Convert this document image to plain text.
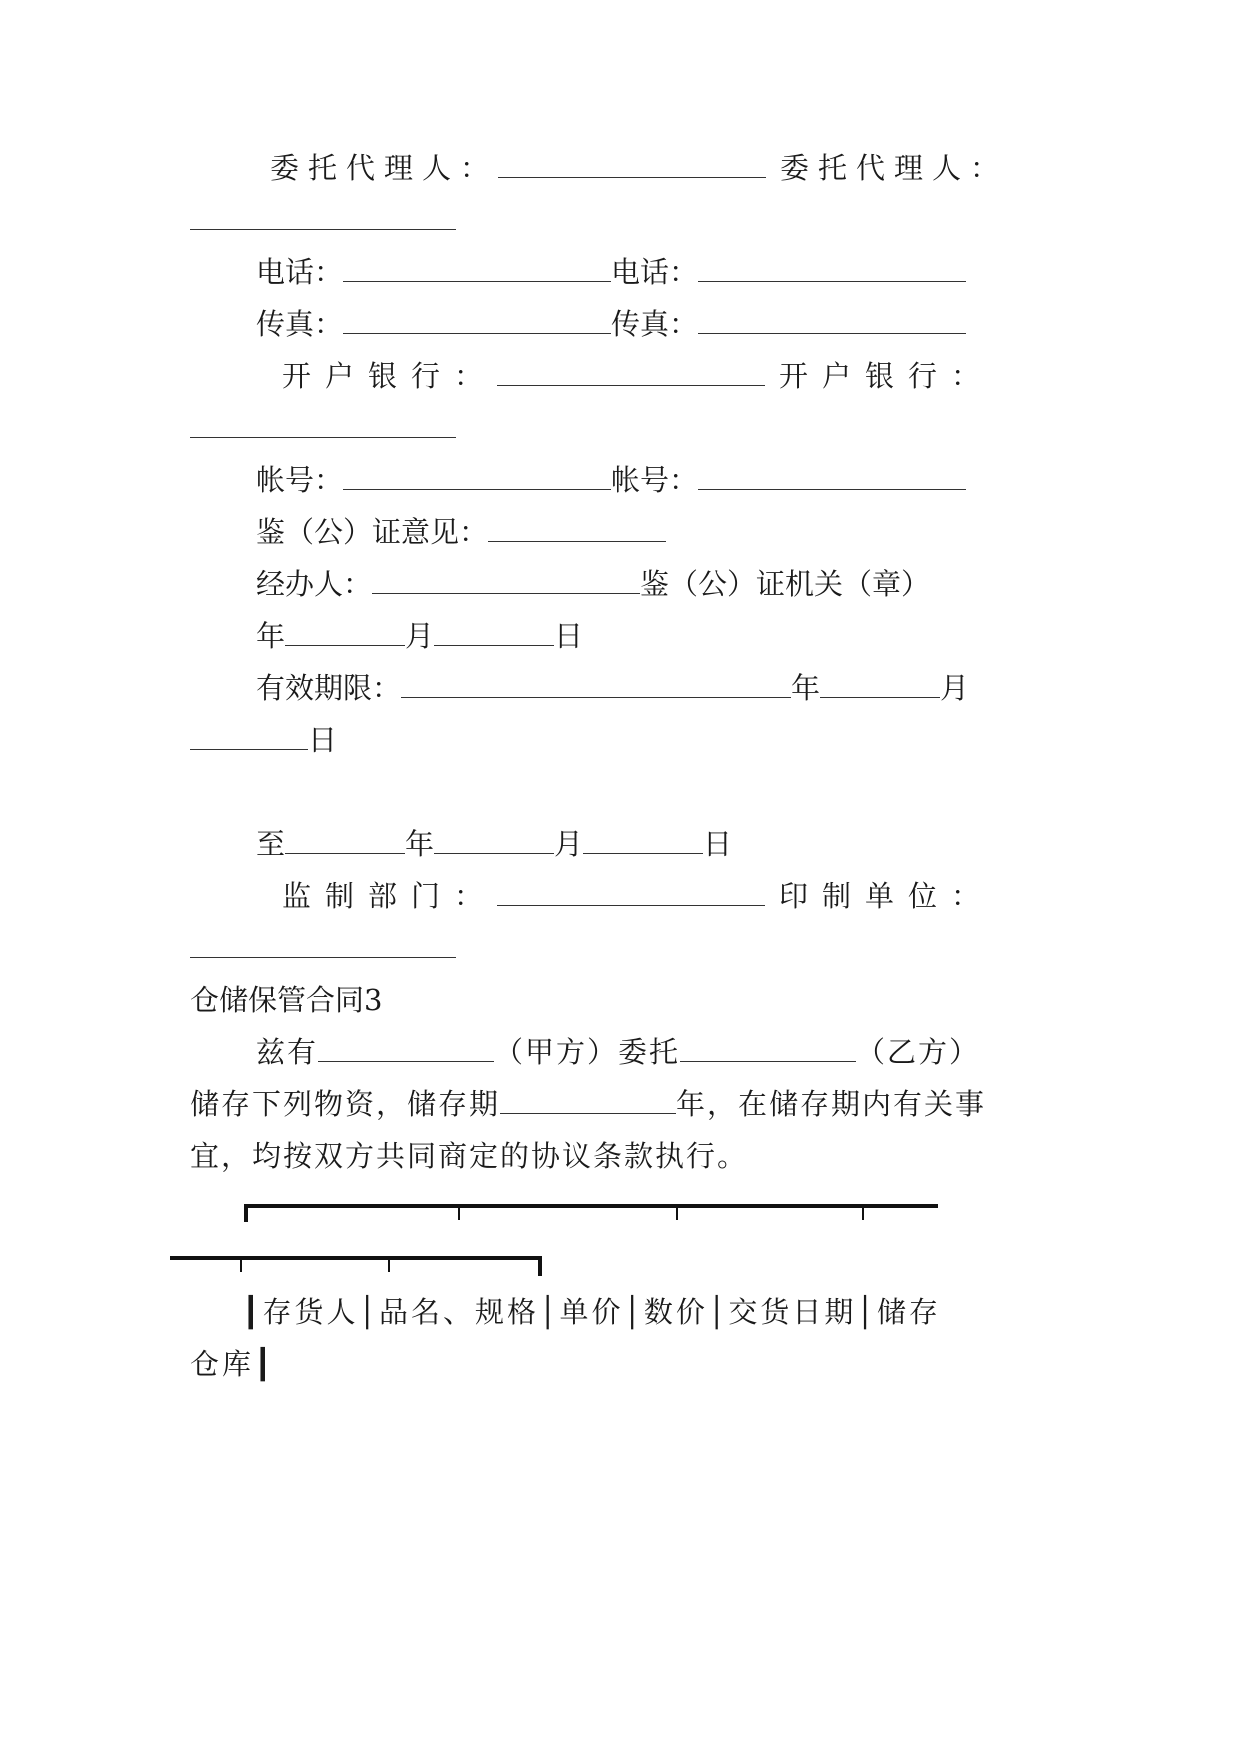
委托代理人：	委托代理人：
电话：	电话：
传真：	传真：
开户银行：	开户银行：
帐号：	帐号：
鉴（公）证意见：
经办人：	鉴（公）证机关（章）
年	月	日
有效期限：	年	月
日
至	年	月	日
监制部门：	印制单位：
仓储保管合同3
兹有	（甲方）委托	（乙方）
储存下列物资，储存期	年，在储存期内有关事
宜，均按双方共同商定的协议条款执行。
┃存货人│品名、规格│单价│数价│交货日期│储存
仓库┃
